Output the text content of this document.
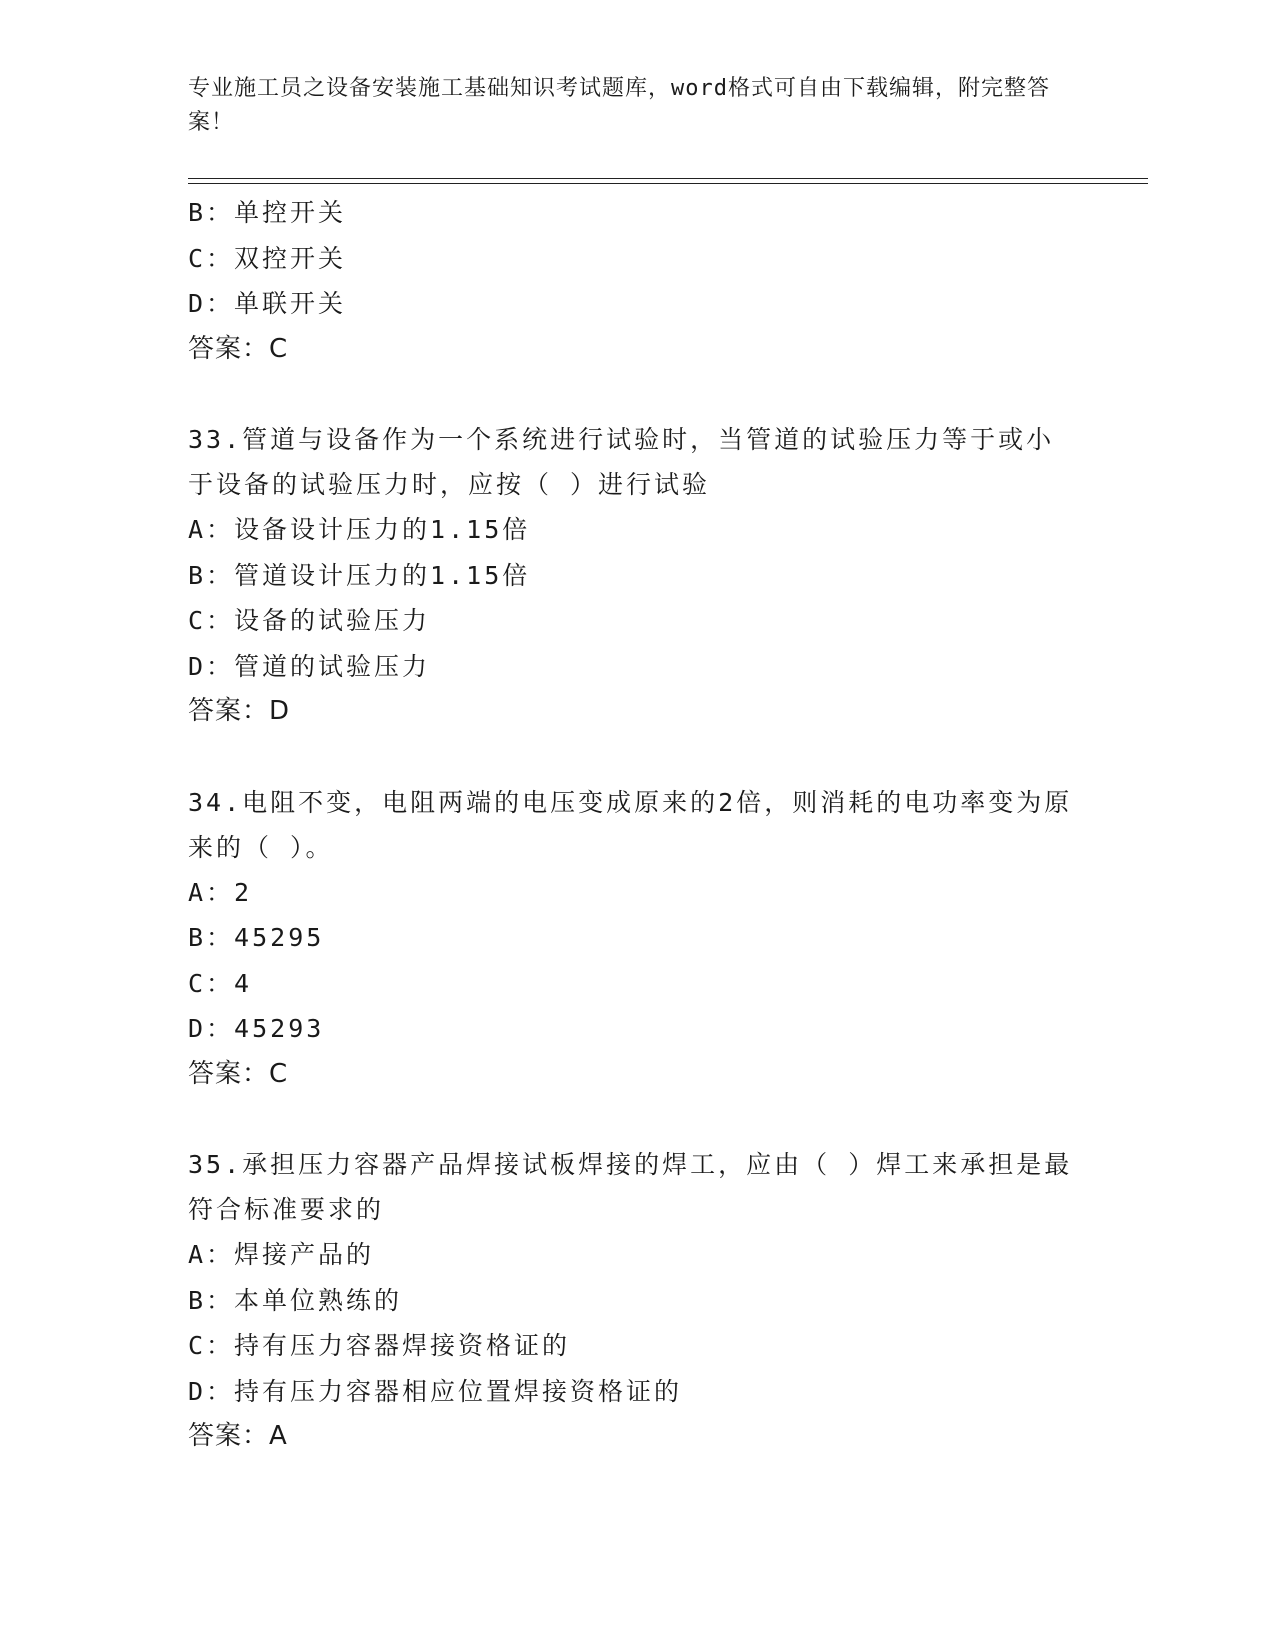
专业施工员之设备安装施工基础知识考试题库，word格式可自由下载编辑，附完整答案！
B：单控开关
C：双控开关
D：单联开关
答案：C
33.管道与设备作为一个系统进行试验时，当管道的试验压力等于或小于设备的试验压力时，应按（ ）进行试验
A：设备设计压力的1.15倍
B：管道设计压力的1.15倍
C：设备的试验压力
D：管道的试验压力
答案：D
34.电阻不变，电阻两端的电压变成原来的2倍，则消耗的电功率变为原来的（ ）。
A：2
B：45295
C：4
D：45293
答案：C
35.承担压力容器产品焊接试板焊接的焊工，应由（ ）焊工来承担是最符合标准要求的
A：焊接产品的
B：本单位熟练的
C：持有压力容器焊接资格证的
D：持有压力容器相应位置焊接资格证的
答案：A
